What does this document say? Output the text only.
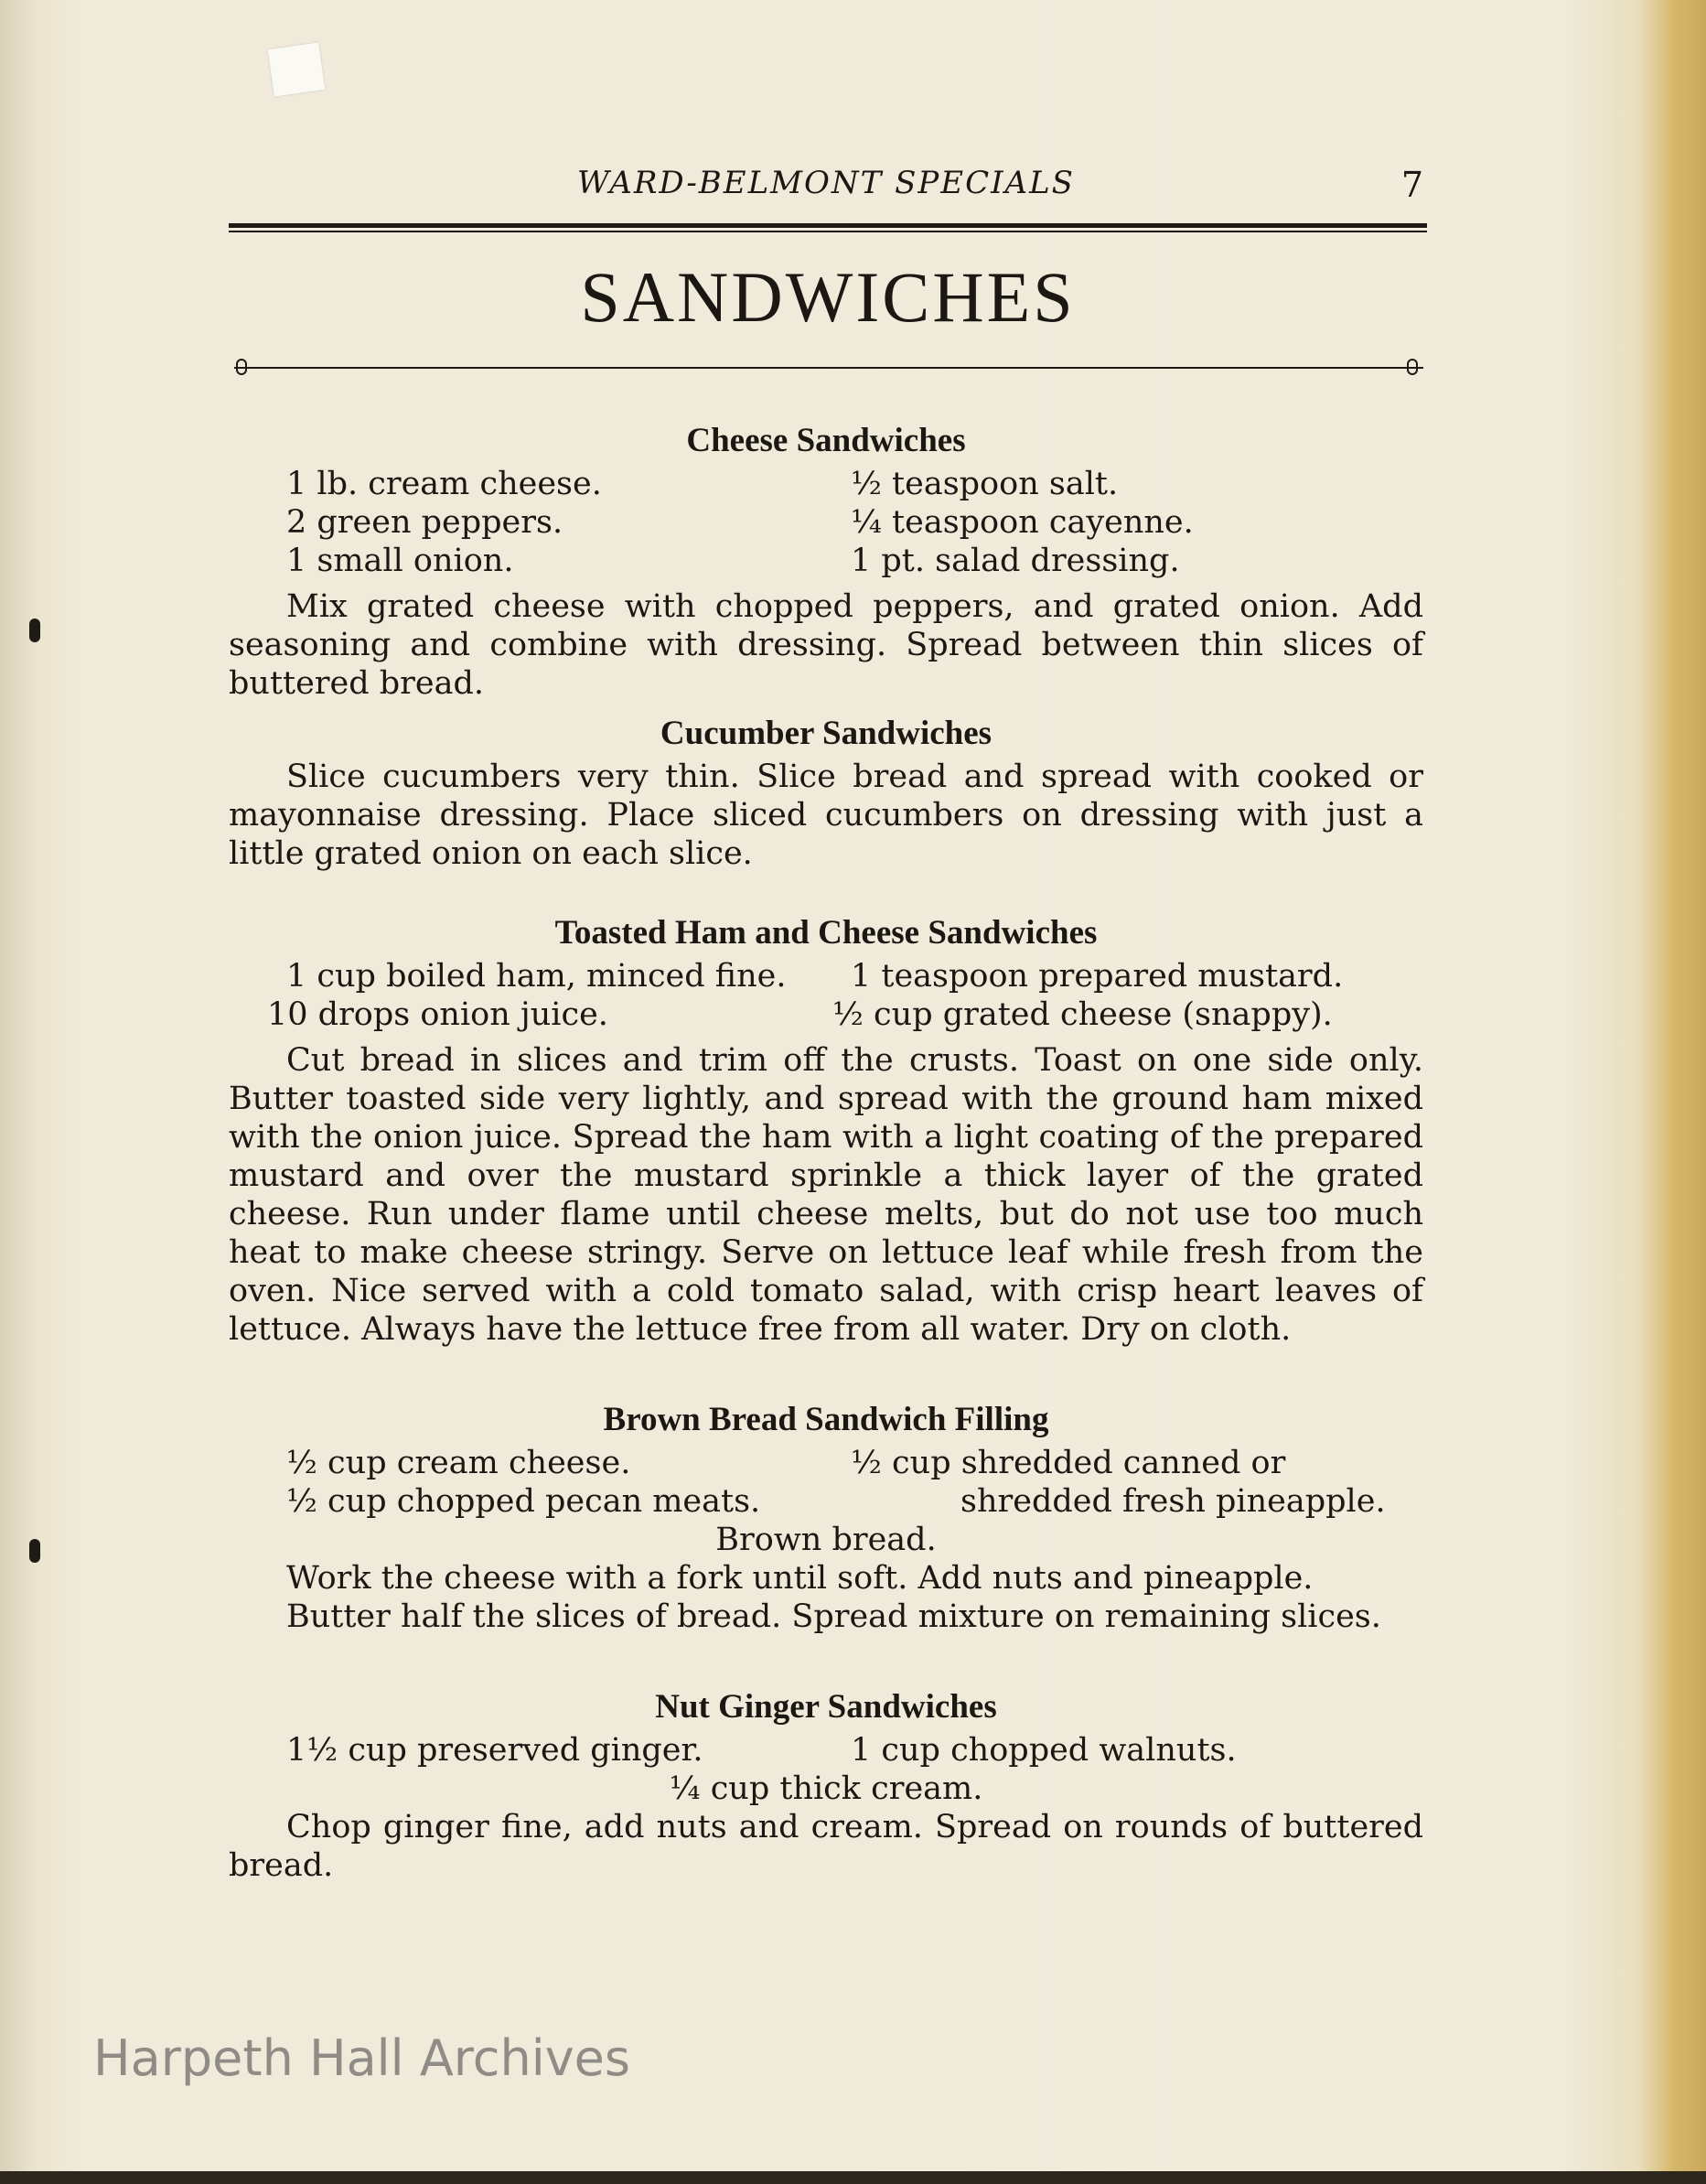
WARD-BELMONT SPECIALS	7
SANDWICHES
Cheese Sandwiches
1 lb. cream cheese.	½ teaspoon salt.
2 green peppers.	¼ teaspoon cayenne.
1 small onion.	1 pt. salad dressing.

Mix grated cheese with chopped peppers, and grated onion. Add seasoning and combine with dressing. Spread between thin slices of buttered bread.

Cucumber Sandwiches

Slice cucumbers very thin. Slice bread and spread with cooked or mayonnaise dressing. Place sliced cucumbers on dressing with just a little grated onion on each slice.

Toasted Ham and Cheese Sandwiches
1 cup boiled ham, minced fine. 1 teaspoon prepared mustard.
10 drops onion juice.	½ cup grated cheese (snappy).

Cut bread in slices and trim off the crusts. Toast on one side only. Butter toasted side very lightly, and spread with the ground ham mixed with the onion juice. Spread the ham with a light coating of the prepared mustard and over the mustard sprinkle a thick layer of the grated cheese. Run under flame until cheese melts, but do not use too much heat to make cheese stringy. Serve on lettuce leaf while fresh from the oven. Nice served with a cold tomato salad, with crisp heart leaves of lettuce. Always have the lettuce free from all water. Dry on cloth.

Brown Bread Sandwich Filling
½ cup cream cheese.	½ cup shredded canned or
½ cup chopped pecan meats.	shredded fresh pineapple.
Brown bread.
Work the cheese with a fork until soft. Add nuts and pineapple.
Butter half the slices of bread. Spread mixture on remaining slices.
Nut Ginger Sandwiches
1½ cup preserved ginger.	1 cup chopped walnuts.
¼ cup thick cream.

Chop ginger fine, add nuts and cream. Spread on rounds of buttered bread.

Harpeth Hall Archives
